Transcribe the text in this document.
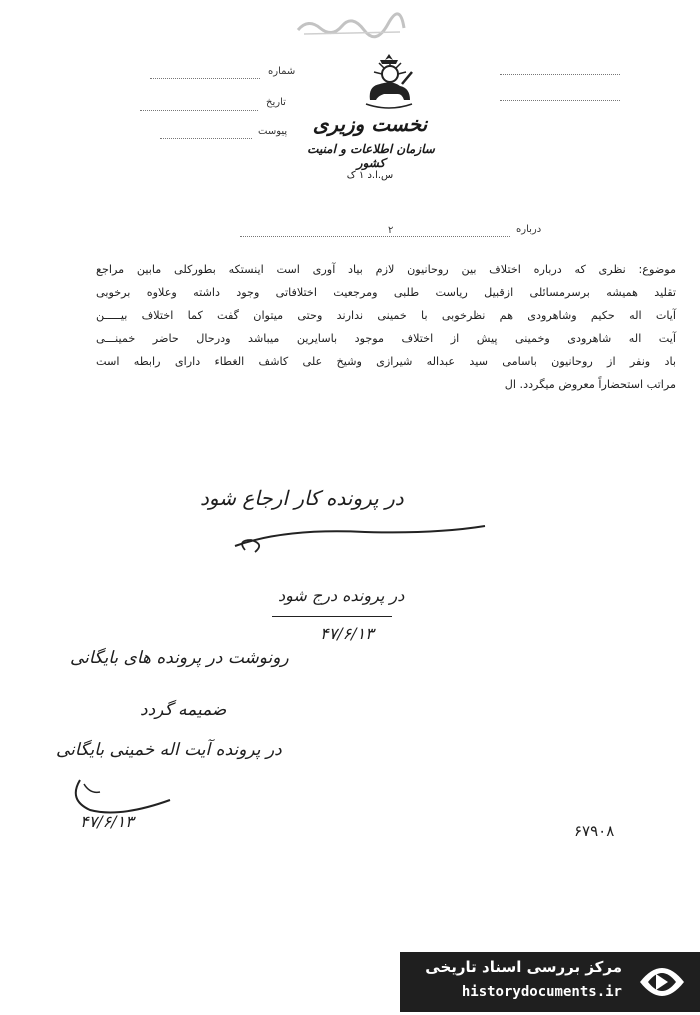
نخست وزیری
سازمان اطلاعات و امنیت کشور
س.ا.د ۱ ک
شماره
تاریخ
پیوست
درباره
۲
موضوع: نظری که درباره اختلاف بین روحانیون لازم بیاد آوری است اینستکه بطورکلی مابین مراجع
تقلید همیشه برسرمسائلی ازقبیل ریاست طلبی ومرجعیت اختلافاتی وجود داشته وعلاوه برخوبی
آیات اله حکیم وشاهرودی هم نظرخوبی با خمینی ندارند وحتی میتوان گفت کما اختلاف بیـــــن
آیت اله شاهرودی وخمینی پیش از اختلاف موجود باسایرین میباشد ودرحال حاضر خمینـــی
باد ونفر از روحانیون باسامی سید عبداله شیرازی وشیخ علی کاشف الغطاء دارای رابطه است
مراتب استحضاراً معروض میگردد. ال
در پرونده کار ارجاع شود
در پرونده درج شود
۴۷/۶/۱۳
رونوشت در پرونده های بایگانی
ضمیمه گردد
در پرونده آیت اله خمینی بایگانی
۴۷/۶/۱۳	۶۷۹۰۸
مرکز بررسی اسناد تاریخی
historydocuments.ir
